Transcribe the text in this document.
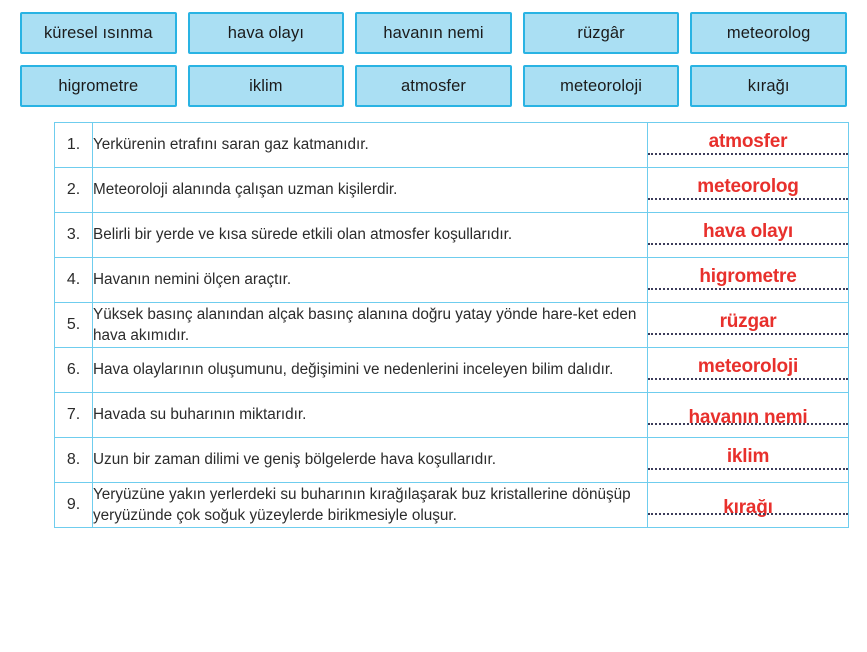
küresel ısınma	hava olayı	havanın nemi	rüzgâr	meteorolog
higrometre	iklim	atmosfer	meteoroloji	kırağı
1.	Yerkürenin etrafını saran gaz katmanıdır.	atmosfer

2.	Meteoroloji alanında çalışan uzman kişilerdir.	meteorolog

3.	Belirli bir yerde ve kısa sürede etkili olan atmosfer koşullarıdır.	hava olayı

4.	Havanın nemini ölçen araçtır.	higrometre

5.	Yüksek basınç alanından alçak basınç alanına doğru yatay yönde hare-ket eden hava akımıdır.	rüzgar

6.	Hava olaylarının oluşumunu, değişimini ve nedenlerini inceleyen bilim dalıdır.	meteoroloji

7.	Havada su buharının miktarıdır.	havanın nemi

8.	Uzun bir zaman dilimi ve geniş bölgelerde hava koşullarıdır.	iklim

9.	Yeryüzüne yakın yerlerdeki su buharının kırağılaşarak buz kristallerine dönüşüp yeryüzünde çok soğuk yüzeylerde birikmesiyle oluşur.	kırağı
